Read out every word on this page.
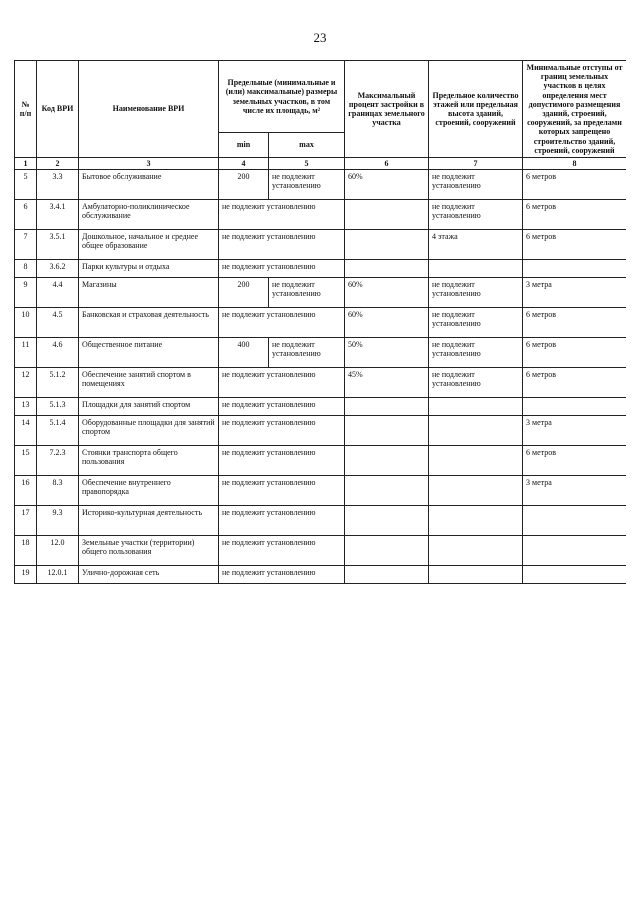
23
№ п/п	Код ВРИ	Наименование ВРИ	Предельные (минимальные и (или) максимальные) размеры земельных участков, в том числе их площадь, м²		Максимальный процент застройки в границах земельного участка	Предельное количество этажей или предельная высота зданий, строений, сооружений	Минимальные отступы от границ земельных участков в целях определения мест допустимого размещения зданий, строений, сооружений, за пределами которых запрещено строительство зданий, строений, сооружений
			min	max			
1	2	3	4	5	6	7	8
5	3.3	Бытовое обслуживание	200	не подлежит установлению	60%	не подлежит установлению	6 метров
6	3.4.1	Амбулаторно-поликлиническое обслуживание	не подлежит установлению			не подлежит установлению	6 метров
7	3.5.1	Дошкольное, начальное и среднее общее образование	не подлежит установлению			4 этажа	6 метров
8	3.6.2	Парки культуры и отдыха	не подлежит установлению				
9	4.4	Магазины	200	не подлежит установлению	60%	не подлежит установлению	3 метра
10	4.5	Банковская и страховая деятельность	не подлежит установлению		60%	не подлежит установлению	6 метров
11	4.6	Общественное питание	400	не подлежит установлению	50%	не подлежит установлению	6 метров
12	5.1.2	Обеспечение занятий спортом в помещениях	не подлежит установлению		45%	не подлежит установлению	6 метров
13	5.1.3	Площадки для занятий спортом	не подлежит установлению				
14	5.1.4	Оборудованные площадки для занятий спортом	не подлежит установлению				3 метра
15	7.2.3	Стоянки транспорта общего пользования	не подлежит установлению				6 метров
16	8.3	Обеспечение внутреннего правопорядка	не подлежит установлению				3 метра
17	9.3	Историко-культурная деятельность	не подлежит установлению				
18	12.0	Земельные участки (территории) общего пользования	не подлежит установлению				
19	12.0.1	Улично-дорожная сеть	не подлежит установлению				
